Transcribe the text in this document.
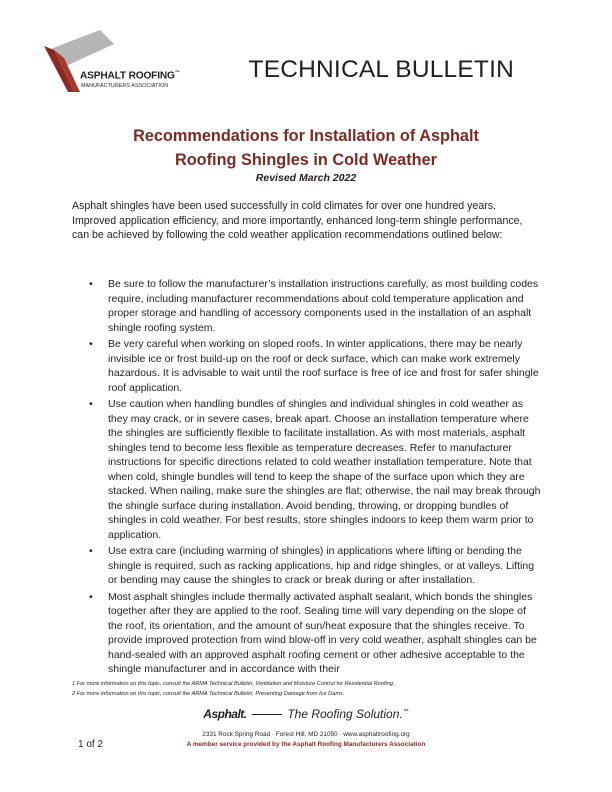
ASPHALT ROOFING™
MANUFACTURERS ASSOCIATION
TECHNICAL BULLETIN
Recommendations for Installation of Asphalt
Roofing Shingles in Cold Weather
Revised March 2022

Asphalt shingles have been used successfully in cold climates for over one hundred years. Improved application efficiency, and more importantly, enhanced long-term shingle performance, can be achieved by following the cold weather application recommendations outlined below:

• Be sure to follow the manufacturer’s installation instructions carefully, as most building codes require, including manufacturer recommendations about cold temperature application and proper storage and handling of accessory components used in the installation of an asphalt shingle roofing system.
• Be very careful when working on sloped roofs. In winter applications, there may be nearly invisible ice or frost build-up on the roof or deck surface, which can make work extremely hazardous. It is advisable to wait until the roof surface is free of ice and frost for safer shingle roof application.
• Use caution when handling bundles of shingles and individual shingles in cold weather as they may crack, or in severe cases, break apart. Choose an installation temperature where the shingles are sufficiently flexible to facilitate installation. As with most materials, asphalt shingles tend to become less flexible as temperature decreases. Refer to manufacturer instructions for specific directions related to cold weather installation temperature. Note that when cold, shingle bundles will tend to keep the shape of the surface upon which they are stacked. When nailing, make sure the shingles are flat; otherwise, the nail may break through the shingle surface during installation. Avoid bending, throwing, or dropping bundles of shingles in cold weather. For best results, store shingles indoors to keep them warm prior to application.
• Use extra care (including warming of shingles) in applications where lifting or bending the shingle is required, such as racking applications, hip and ridge shingles, or at valleys. Lifting or bending may cause the shingles to crack or break during or after installation.
• Most asphalt shingles include thermally activated asphalt sealant, which bonds the shingles together after they are applied to the roof. Sealing time will vary depending on the slope of the roof, its orientation, and the amount of sun/heat exposure that the shingles receive. To provide improved protection from wind blow-off in very cold weather, asphalt shingles can be hand-sealed with an approved asphalt roofing cement or other adhesive acceptable to the shingle manufacturer and in accordance with their
1 For more information on this topic, consult the ARMA Technical Bulletin, Ventilation and Moisture Control for Residential Roofing.
2 For more information on this topic, consult the ARMA Technical Bulletin, Preventing Damage from Ice Dams.
Asphalt.	The Roofing Solution.™
2331 Rock Spring Road · Forest Hill, MD 21050 · www.asphaltroofing.org
A member service provided by the Asphalt Roofing Manufacturers Association
1 of 2
